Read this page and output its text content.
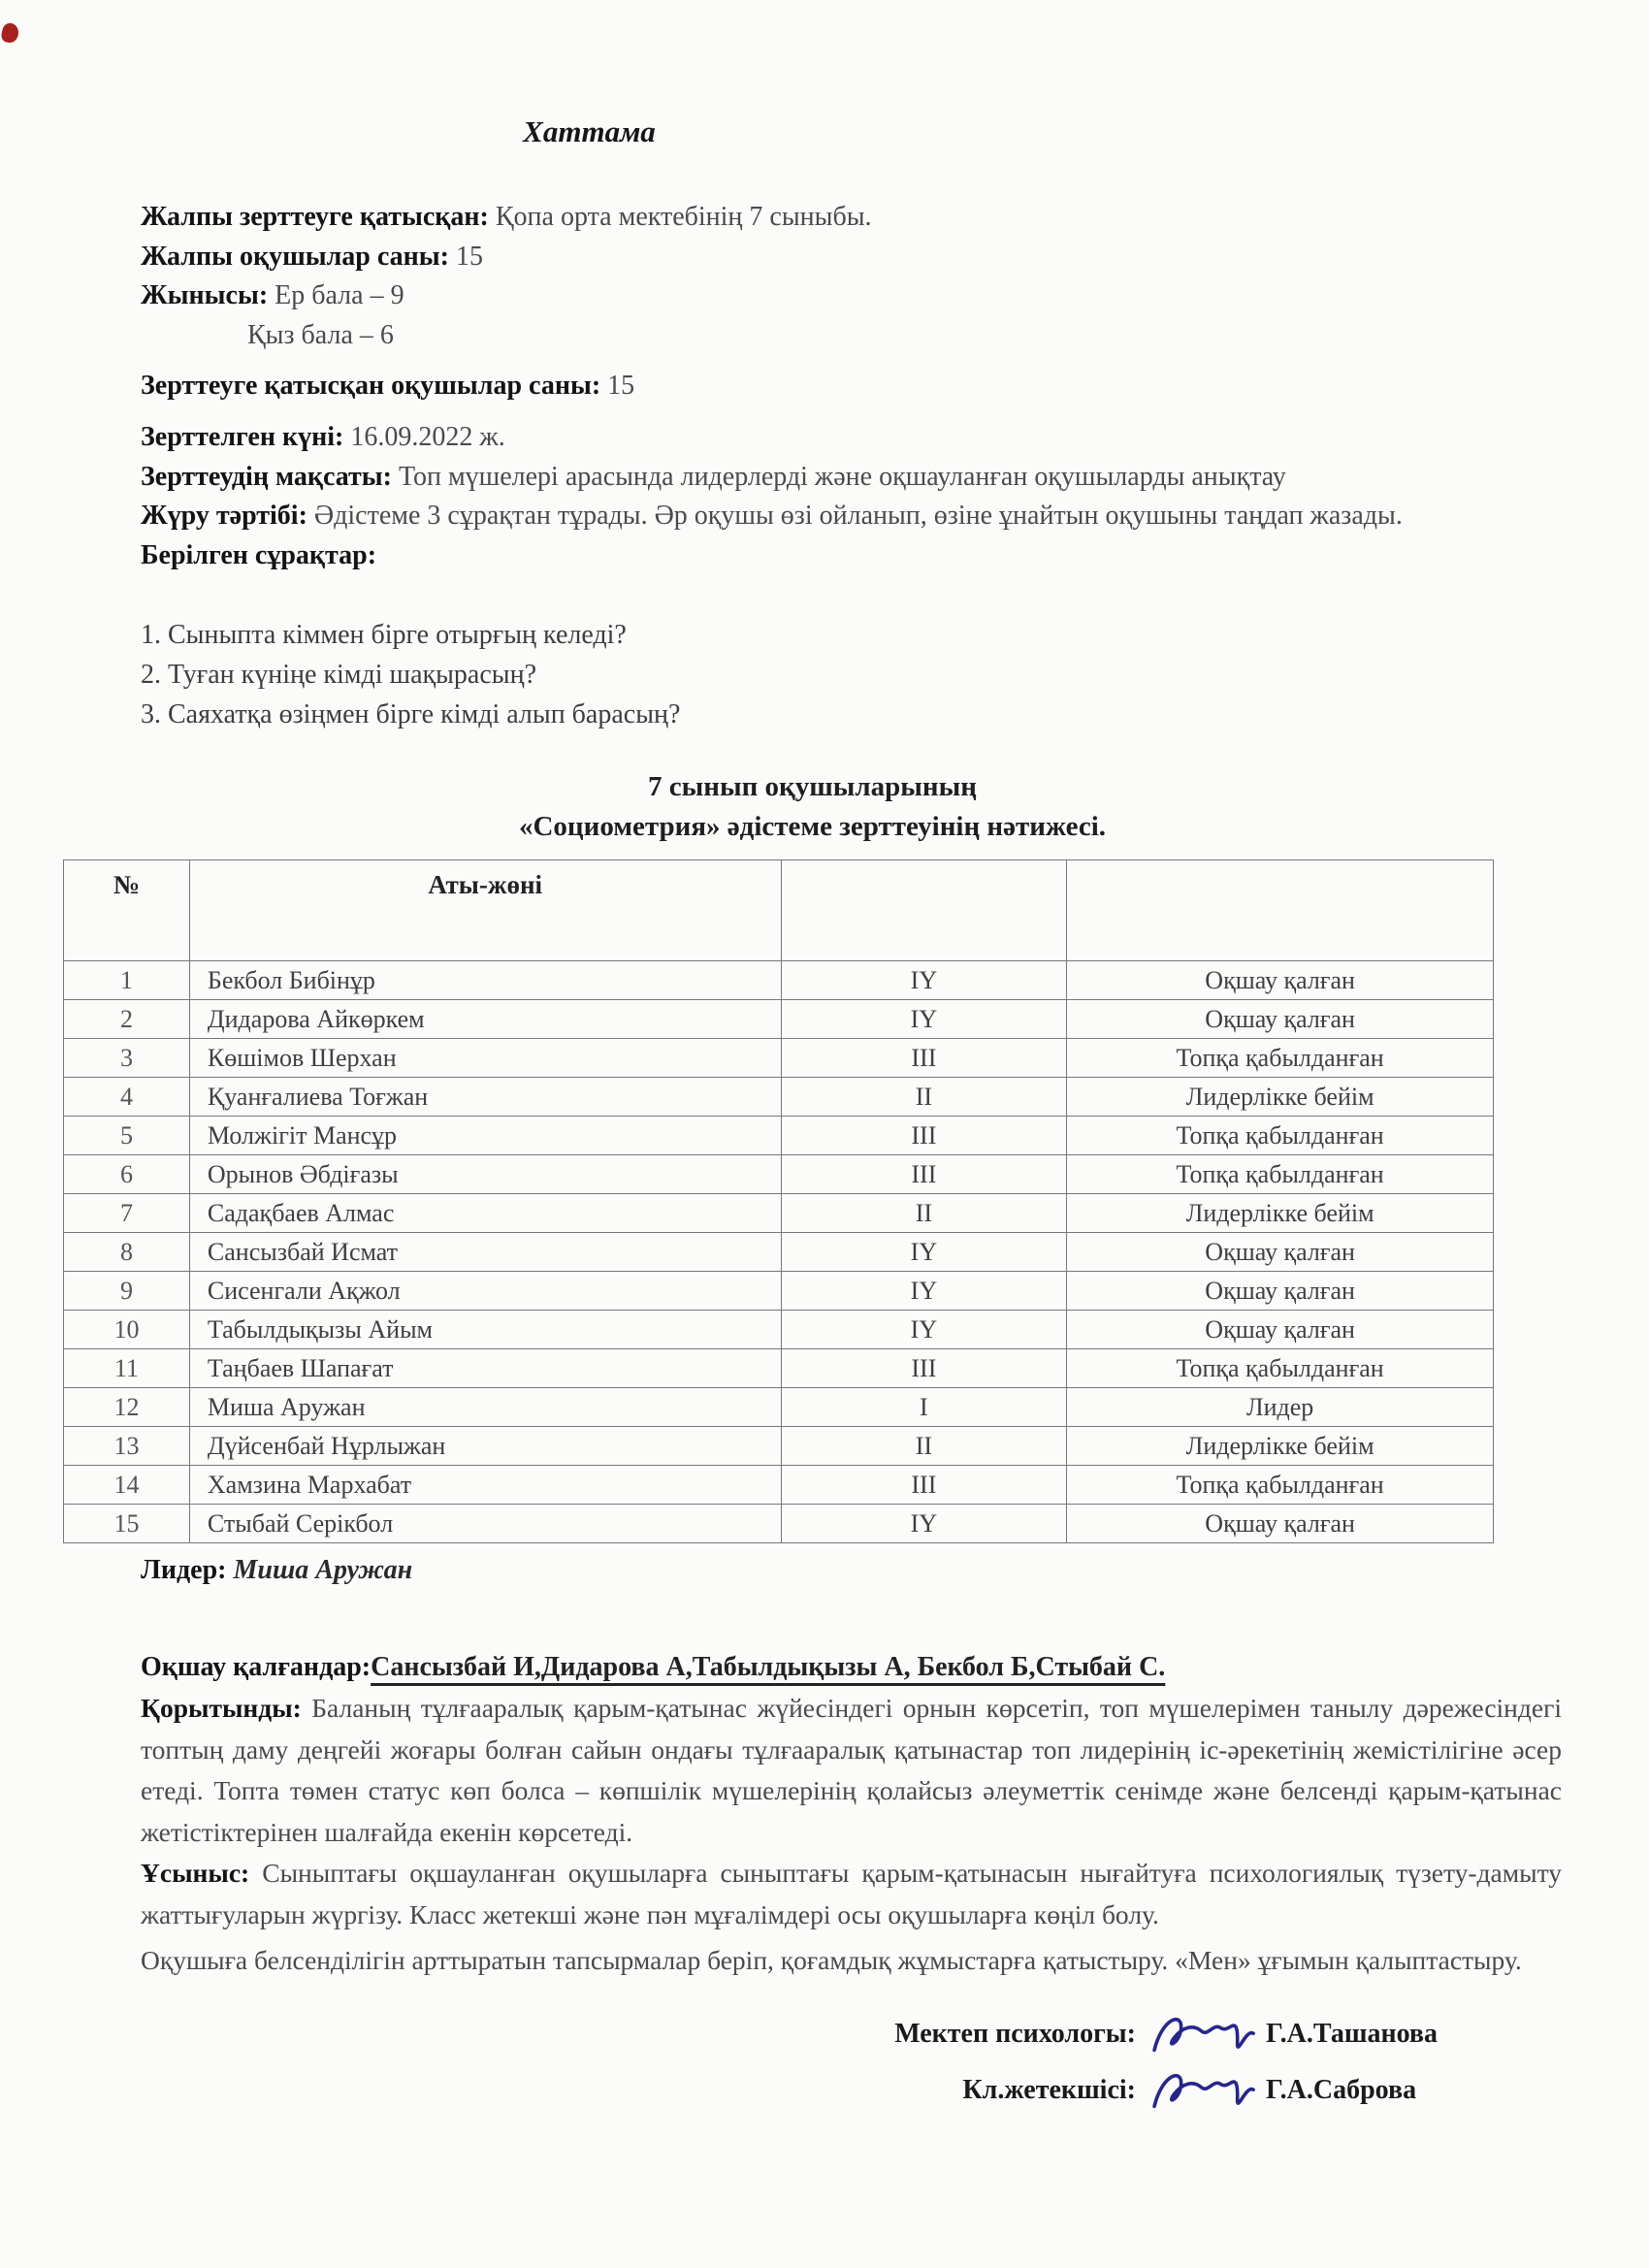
Хаттама

Жалпы зерттеуге қатысқан: Қопа орта мектебінің 7 сыныбы.

Жалпы оқушылар саны: 15

Жынысы: Ер бала – 9

Қыз бала – 6

Зерттеуге қатысқан оқушылар саны: 15

Зерттелген күні: 16.09.2022 ж.

Зерттеудің мақсаты: Топ мүшелері арасында лидерлерді және оқшауланған оқушыларды анықтау

Жүру тәртібі: Әдістеме 3 сұрақтан тұрады. Әр оқушы өзі ойланып, өзіне ұнайтын оқушыны таңдап жазады.

Берілген сұрақтар:

1. Сыныпта кіммен бірге отырғың келеді?

2. Туған күніңе кімді шақырасың?

3. Саяхатқа өзіңмен бірге кімді алып барасың?

7 сынып оқушыларының

«Социометрия» әдістеме зерттеуінің нәтижесі.

№	Аты-жөні		
1	Бекбол Бибінұр	ІY	Оқшау қалған
2	Дидарова Айкөркем	ІY	Оқшау қалған
3	Көшімов Шерхан	ІІІ	Топқа қабылданған
4	Қуанғалиева Тоғжан	ІІ	Лидерлікке бейім
5	Молжігіт Мансұр	ІІІ	Топқа қабылданған
6	Орынов Әбдіғазы	ІІІ	Топқа қабылданған
7	Садақбаев Алмас	ІІ	Лидерлікке бейім
8	Сансызбай Исмат	ІY	Оқшау қалған
9	Сисенгали Ақжол	ІY	Оқшау қалған
10	Табылдықызы Айым	ІY	Оқшау қалған
11	Таңбаев Шапағат	ІІІ	Топқа қабылданған
12	Миша Аружан	І	Лидер
13	Дүйсенбай Нұрлыжан	ІІ	Лидерлікке бейім
14	Хамзина Мархабат	ІІІ	Топқа қабылданған
15	Стыбай Серікбол	ІY	Оқшау қалған

Лидер: Миша Аружан

Оқшау қалғандар:Сансызбай И,Дидарова А,Табылдықызы А, Бекбол Б,Стыбай С.

Қорытынды: Баланың тұлғааралық қарым-қатынас жүйесіндегі орнын көрсетіп, топ мүшелерімен танылу дәрежесіндегі топтың даму деңгейі жоғары болған сайын ондағы тұлғааралық қатынастар топ лидерінің іс-әрекетінің жемістілігіне әсер етеді. Топта төмен статус көп болса – көпшілік мүшелерінің қолайсыз әлеуметтік сенімде және белсенді қарым-қатынас жетістіктерінен шалғайда екенін көрсетеді.

Ұсыныс: Сыныптағы оқшауланған оқушыларға сыныптағы қарым-қатынасын нығайтуға психологиялық түзету-дамыту жаттығуларын жүргізу. Класс жетекші және пән мұғалімдері осы оқушыларға көңіл болу.

Оқушыға белсенділігін арттыратын тапсырмалар беріп, қоғамдық жұмыстарға қатыстыру. «Мен» ұғымын қалыптастыру.

Мектеп психологы:	Г.А.Ташанова
Кл.жетекшісі:	Г.А.Саброва
